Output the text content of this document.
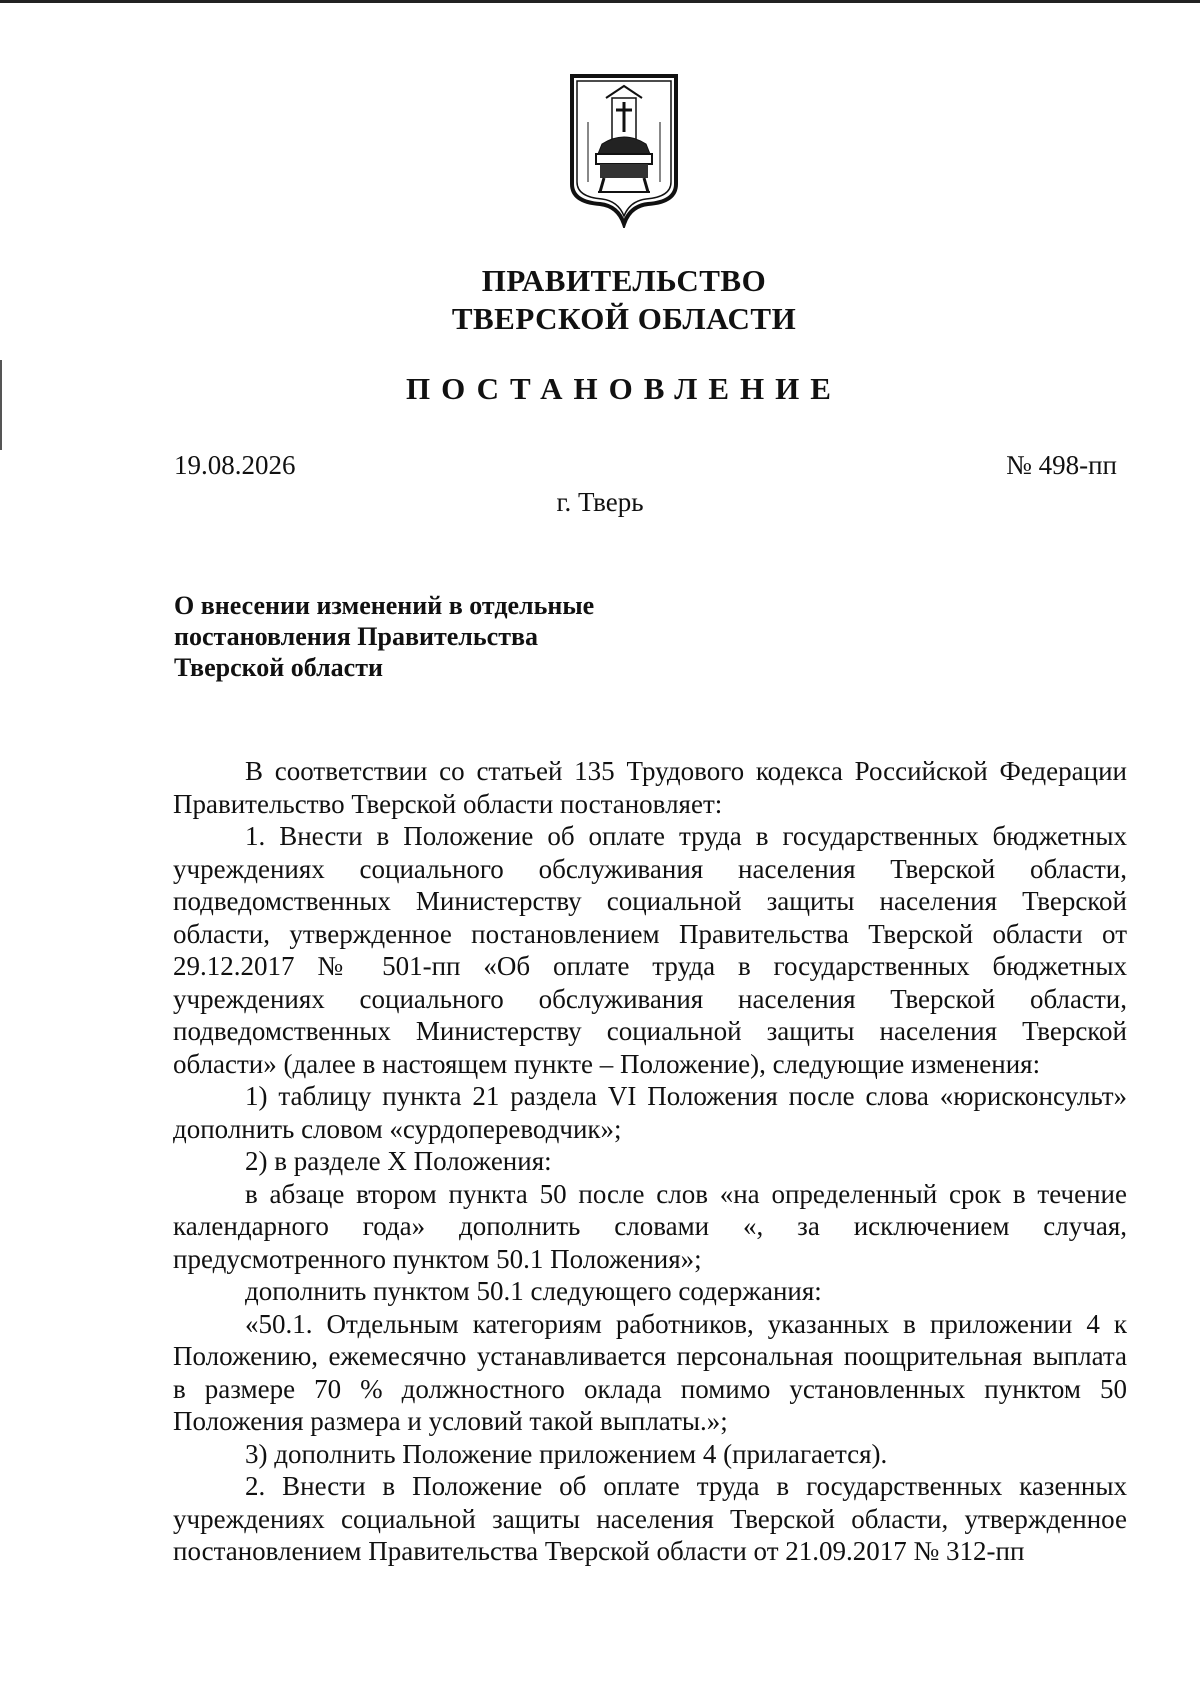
ПРАВИТЕЛЬСТВО
ТВЕРСКОЙ ОБЛАСТИ
ПОСТАНОВЛЕНИЕ
19.08.2026	№ 498-пп
г. Тверь
О внесении изменений в отдельные
постановления Правительства
Тверской области

В соответствии со статьей 135 Трудового кодекса Российской Федерации Правительство Тверской области постановляет:

1. Внести в Положение об оплате труда в государственных бюджетных учреждениях социального обслуживания населения Тверской области, подведомственных Министерству социальной защиты населения Тверской области, утвержденное постановлением Правительства Тверской области от 29.12.2017 № 501-пп «Об оплате труда в государственных бюджетных учреждениях социального обслуживания населения Тверской области, подведомственных Министерству социальной защиты населения Тверской области» (далее в настоящем пункте – Положение), следующие изменения:

1) таблицу пункта 21 раздела VI Положения после слова «юрисконсульт» дополнить словом «сурдопереводчик»;

2) в разделе X Положения:

в абзаце втором пункта 50 после слов «на определенный срок в течение календарного года» дополнить словами «, за исключением случая, предусмотренного пунктом 50.1 Положения»;

дополнить пунктом 50.1 следующего содержания:

«50.1. Отдельным категориям работников, указанных в приложении 4 к Положению, ежемесячно устанавливается персональная поощрительная выплата в размере 70 % должностного оклада помимо установленных пунктом 50 Положения размера и условий такой выплаты.»;

3) дополнить Положение приложением 4 (прилагается).

2. Внести в Положение об оплате труда в государственных казенных учреждениях социальной защиты населения Тверской области, утвержденное постановлением Правительства Тверской области от 21.09.2017 № 312-пп
